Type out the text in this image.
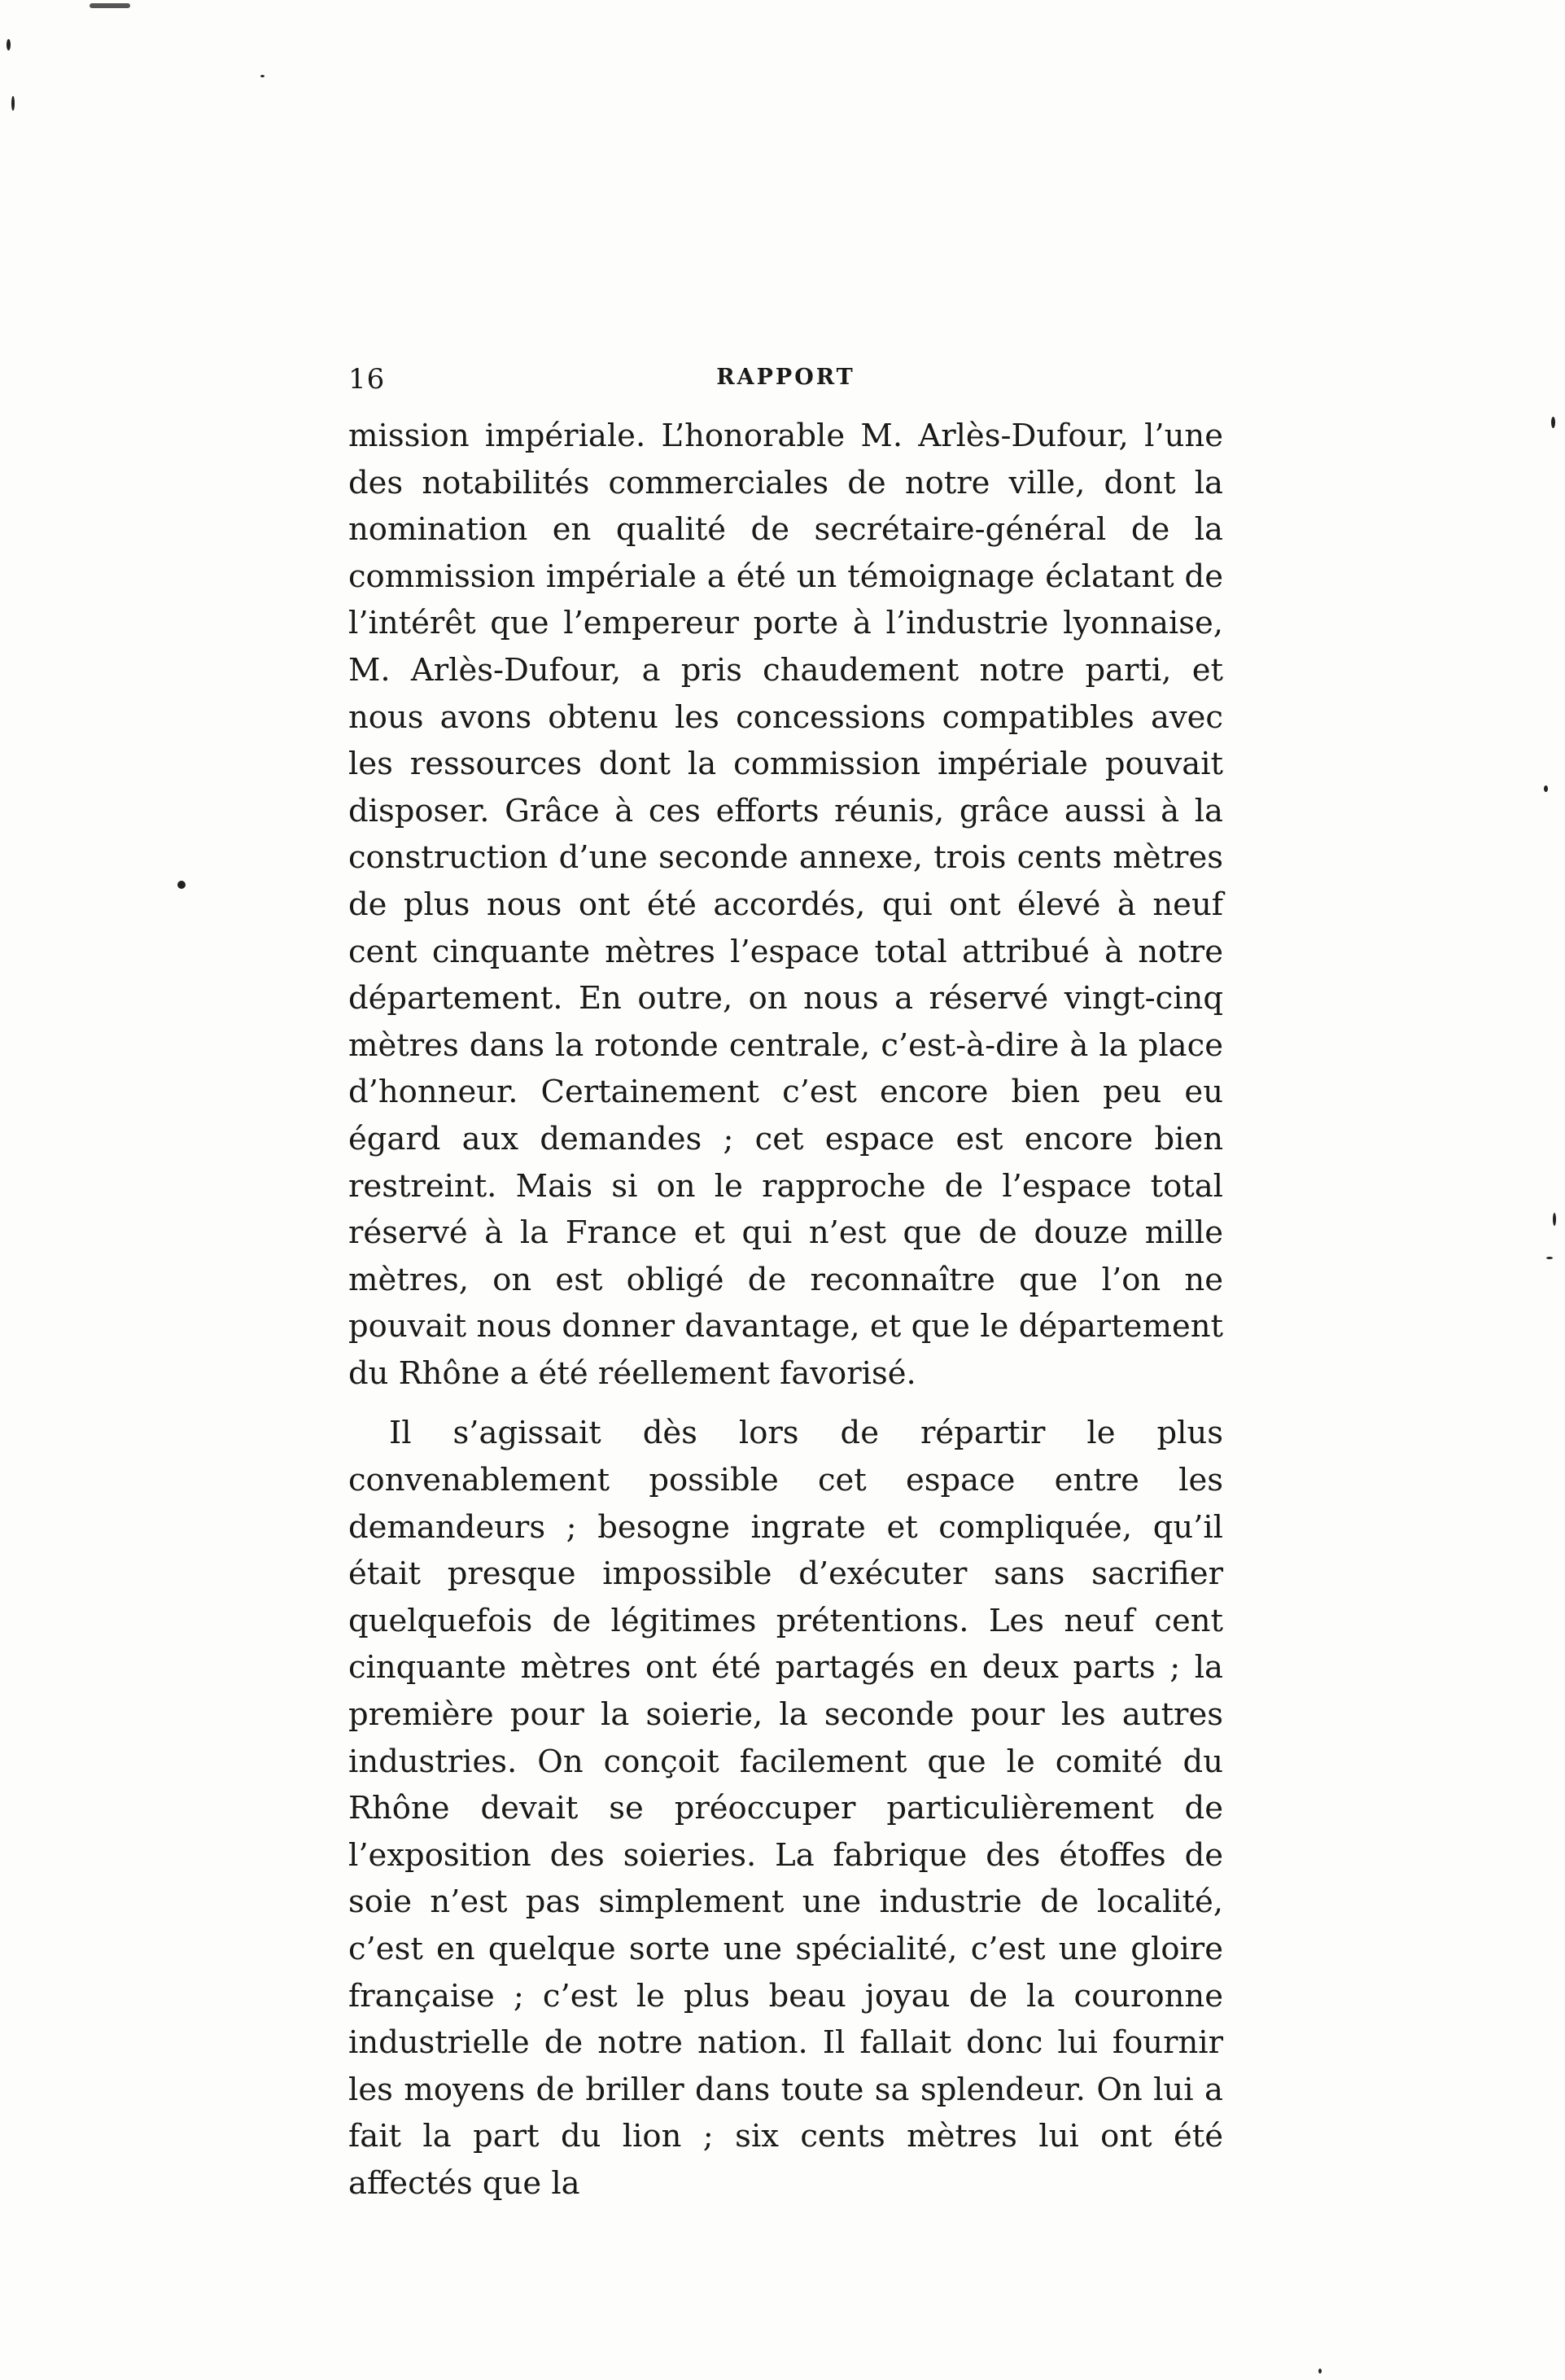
16	RAPPORT

mission impériale. L’honorable M. Arlès-Dufour, l’une des notabilités commerciales de notre ville, dont la nomination en qualité de secrétaire-général de la commission impériale a été un témoignage éclatant de l’intérêt que l’empereur porte à l’industrie lyonnaise, M. Arlès-Dufour, a pris chaudement notre parti, et nous avons obtenu les concessions compatibles avec les ressources dont la commission impériale pouvait disposer. Grâce à ces efforts réunis, grâce aussi à la construction d’une seconde annexe, trois cents mètres de plus nous ont été accordés, qui ont élevé à neuf cent cinquante mètres l’espace total attribué à notre département. En outre, on nous a réservé vingt-cinq mètres dans la rotonde centrale, c’est-à-dire à la place d’honneur. Certainement c’est encore bien peu eu égard aux demandes ; cet espace est encore bien restreint. Mais si on le rapproche de l’espace total réservé à la France et qui n’est que de douze mille mètres, on est obligé de reconnaître que l’on ne pouvait nous donner davantage, et que le département du Rhône a été réellement favorisé.

Il s’agissait dès lors de répartir le plus convenablement possible cet espace entre les demandeurs ; besogne ingrate et compliquée, qu’il était presque impossible d’exécuter sans sacrifier quelquefois de légitimes prétentions. Les neuf cent cinquante mètres ont été partagés en deux parts ; la première pour la soierie, la seconde pour les autres industries. On conçoit facilement que le comité du Rhône devait se préoccuper particulièrement de l’exposition des soieries. La fabrique des étoffes de soie n’est pas simplement une industrie de localité, c’est en quelque sorte une spécialité, c’est une gloire française ; c’est le plus beau joyau de la couronne industrielle de notre nation. Il fallait donc lui fournir les moyens de briller dans toute sa splendeur. On lui a fait la part du lion ; six cents mètres lui ont été affectés que la
